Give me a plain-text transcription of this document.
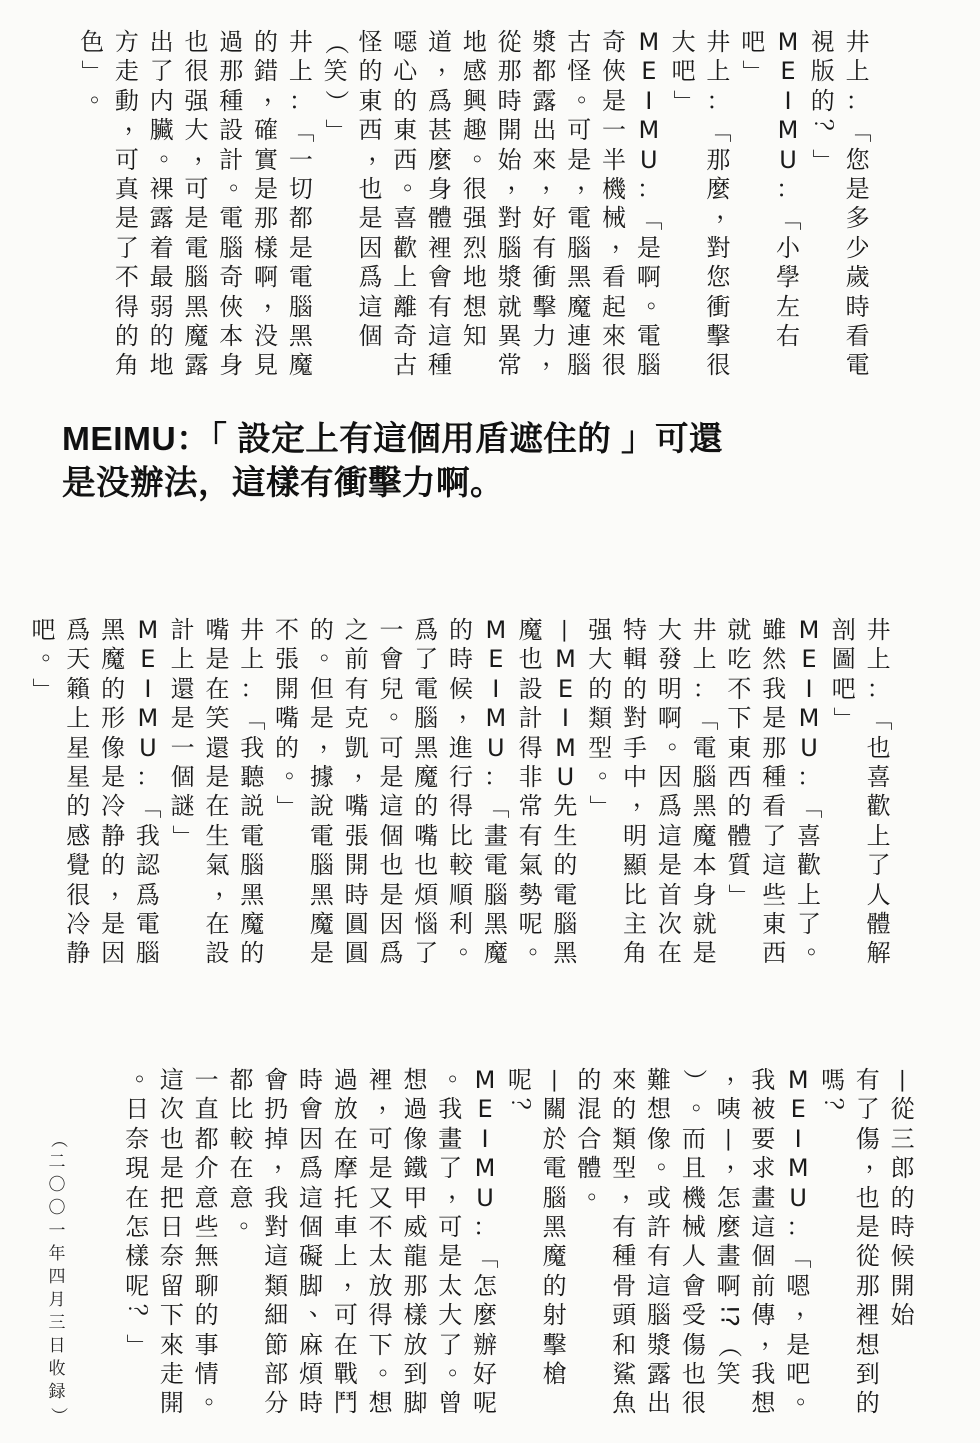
井
上
：
「
您
是
多
少
歲
時
看
電
視
版
的
？
」
M
E
I
M
U
：
「
小
學
左
右
吧
」
井
上
：
「
那
麼
，
對
您
衝
擊
很
大
吧
」
M
E
I
M
U
：
「
是
啊
。
電
腦
奇
俠
是
一
半
機
械
，
看
起
來
很
古
怪
。
可
是
，
電
腦
黑
魔
連
腦
漿
都
露
出
來
，
好
有
衝
擊
力
，
從
那
時
開
始
，
對
腦
漿
就
異
常
地
感
興
趣
。
很
强
烈
地
想
知
道
，
爲
甚
麼
身
體
裡
會
有
這
種
噁
心
的
東
西
。
喜
歡
上
離
奇
古
怪
的
東
西
，
也
是
因
爲
這
個
（
笑
）
」
井
上
：
「
一
切
都
是
電
腦
黑
魔
的
錯
，
確
實
是
那
樣
啊
，
没
見
過
那
種
設
計
。
電
腦
奇
俠
本
身
也
很
强
大
，
可
是
電
腦
黑
魔
露
出
了
内
臟
。
裸
露
着
最
弱
的
地
方
走
動
，
可
真
是
了
不
得
的
角
色
」
。
MEIMU：「 設定上有這個用盾遮住的 」可還
是没辦法，這樣有衝擊力啊。
井
上
：
「
也
喜
歡
上
了
人
體
解
剖
圖
吧
」
M
E
I
M
U
：
「
喜
歡
上
了
。
雖
然
我
是
那
種
看
了
這
些
東
西
就
吃
不
下
東
西
的
體
質
」
井
上
：
「
電
腦
黑
魔
本
身
就
是
大
發
明
啊
。
因
爲
這
是
首
次
在
特
輯
的
對
手
中
，
明
顯
比
主
角
强
大
的
類
型
。
」
—
M
E
I
M
U
先
生
的
電
腦
黑
魔
也
設
計
得
非
常
有
氣
勢
呢
。
M
E
I
M
U
：
「
畫
電
腦
黑
魔
的
時
候
，
進
行
得
比
較
順
利
。
爲
了
電
腦
黑
魔
的
嘴
也
煩
惱
了
一
會
兒
。
可
是
這
個
也
是
因
爲
之
前
有
克
凱
，
嘴
張
開
時
圓
圓
的
。
但
是
，
據
說
電
腦
黑
魔
是
不
張
開
嘴
的
。
」
井
上
：
「
我
聽
説
電
腦
黑
魔
的
嘴
是
在
笑
還
是
在
生
氣
，
在
設
計
上
還
是
一
個
謎
」
M
E
I
M
U
：
「
我
認
爲
電
腦
黑
魔
的
形
像
是
冷
静
的
，
是
因
爲
天
籟
上
星
星
的
感
覺
很
冷
静
吧
。
」
—
從
三
郎
的
時
候
開
始
有
了
傷
，
也
是
從
那
裡
想
到
的
嗎
？
M
E
I
M
U
：
「
嗯
，
是
吧
。
我
被
要
求
畫
這
個
前
傳
，
我
想
，
咦
—
，
怎
麼
畫
啊
!?
（
笑
）
。
而
且
機
械
人
會
受
傷
也
很
難
想
像
。
或
許
有
這
腦
漿
露
出
來
的
類
型
，
有
種
骨
頭
和
鯊
魚
的
混
合
體
。
—
關
於
電
腦
黑
魔
的
射
擊
槍
呢
？
M
E
I
M
U
：
「
怎
麼
辦
好
呢
。
我
畫
了
，
可
是
太
大
了
。
曾
想
過
像
鐵
甲
威
龍
那
樣
放
到
脚
裡
，
可
是
又
不
太
放
得
下
。
想
過
放
在
摩
托
車
上
，
可
在
戰
鬥
時
會
因
爲
這
個
礙
脚
、
麻
煩
時
會
扔
掉
，
我
對
這
類
細
節
部
分
都
比
較
在
意
。
一
直
都
介
意
些
無
聊
的
事
情
。
這
次
也
是
把
日
奈
留
下
來
走
開
。
日
奈
現
在
怎
樣
呢
？
」
（
二
〇
〇
一
年
四
月
三
日
收
録
）
